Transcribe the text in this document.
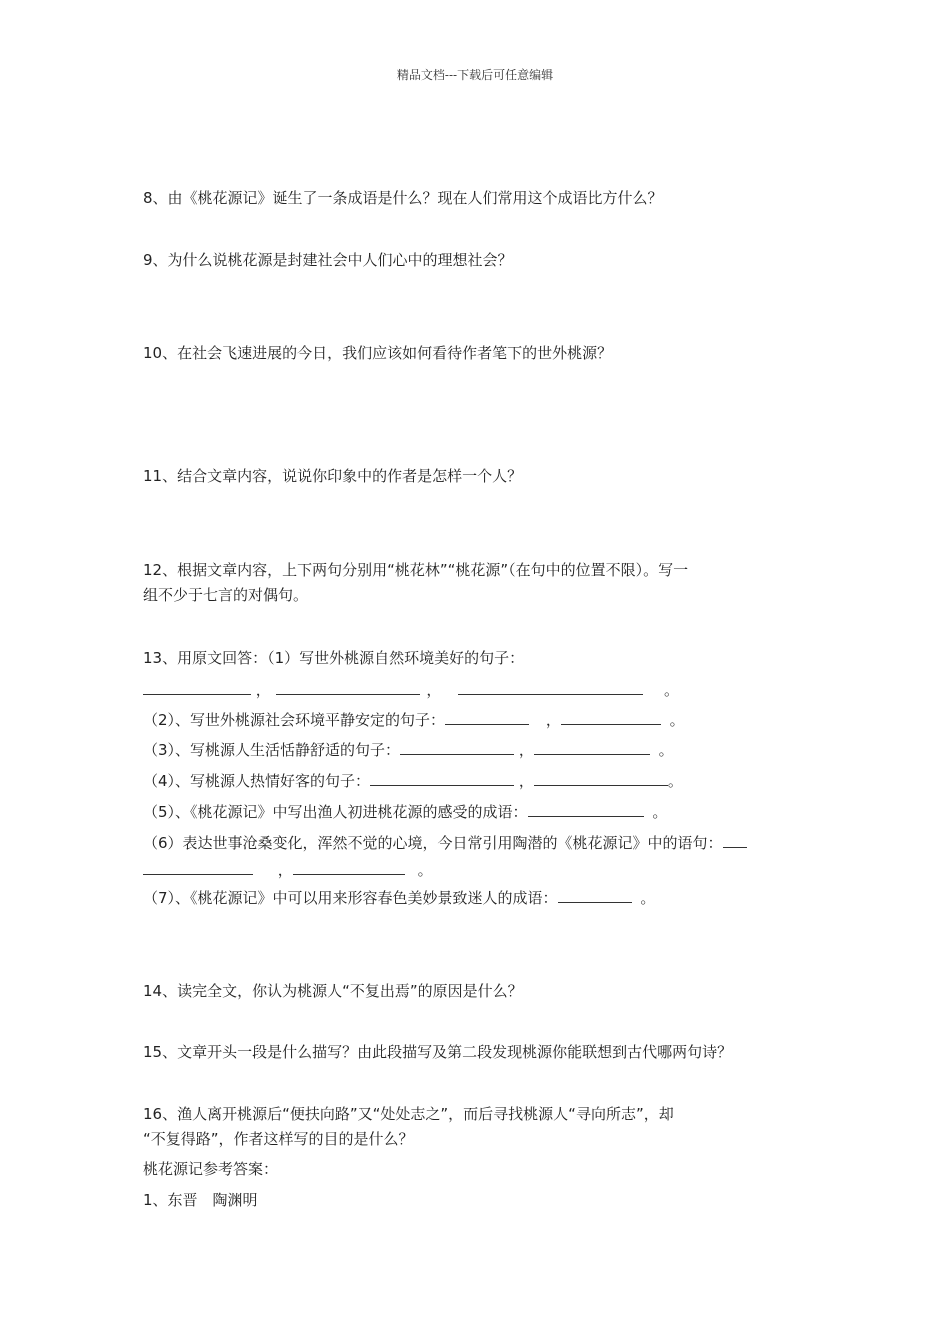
精品文档---下载后可任意编辑
8、由《桃花源记》诞生了一条成语是什么？现在人们常用这个成语比方什么？
9、为什么说桃花源是封建社会中人们心中的理想社会？
10、在社会飞速进展的今日，我们应该如何看待作者笔下的世外桃源？
11、结合文章内容，说说你印象中的作者是怎样一个人？
12、根据文章内容，上下两句分别用“桃花林”“桃花源”（在句中的位置不限）。写一
组不少于七言的对偶句。
13、用原文回答：（1）写世外桃源自然环境美好的句子：
，	，	。
（2）、写世外桃源社会环境平静安定的句子：	，	。
（3）、写桃源人生活恬静舒适的句子：	，	。
（4）、写桃源人热情好客的句子：	，	。
（5）、《桃花源记》中写出渔人初进桃花源的感受的成语：	。
（6）表达世事沧桑变化，浑然不觉的心境，今日常引用陶潜的《桃花源记》中的语句：
，	。
（7）、《桃花源记》中可以用来形容春色美妙景致迷人的成语：	。
14、读完全文，你认为桃源人“不复出焉”的原因是什么？
15、文章开头一段是什么描写？由此段描写及第二段发现桃源你能联想到古代哪两句诗？
16、渔人离开桃源后“便扶向路”又“处处志之”，而后寻找桃源人“寻向所志”，却
“不复得路”，作者这样写的目的是什么？
桃花源记参考答案：
1、东晋　陶渊明
